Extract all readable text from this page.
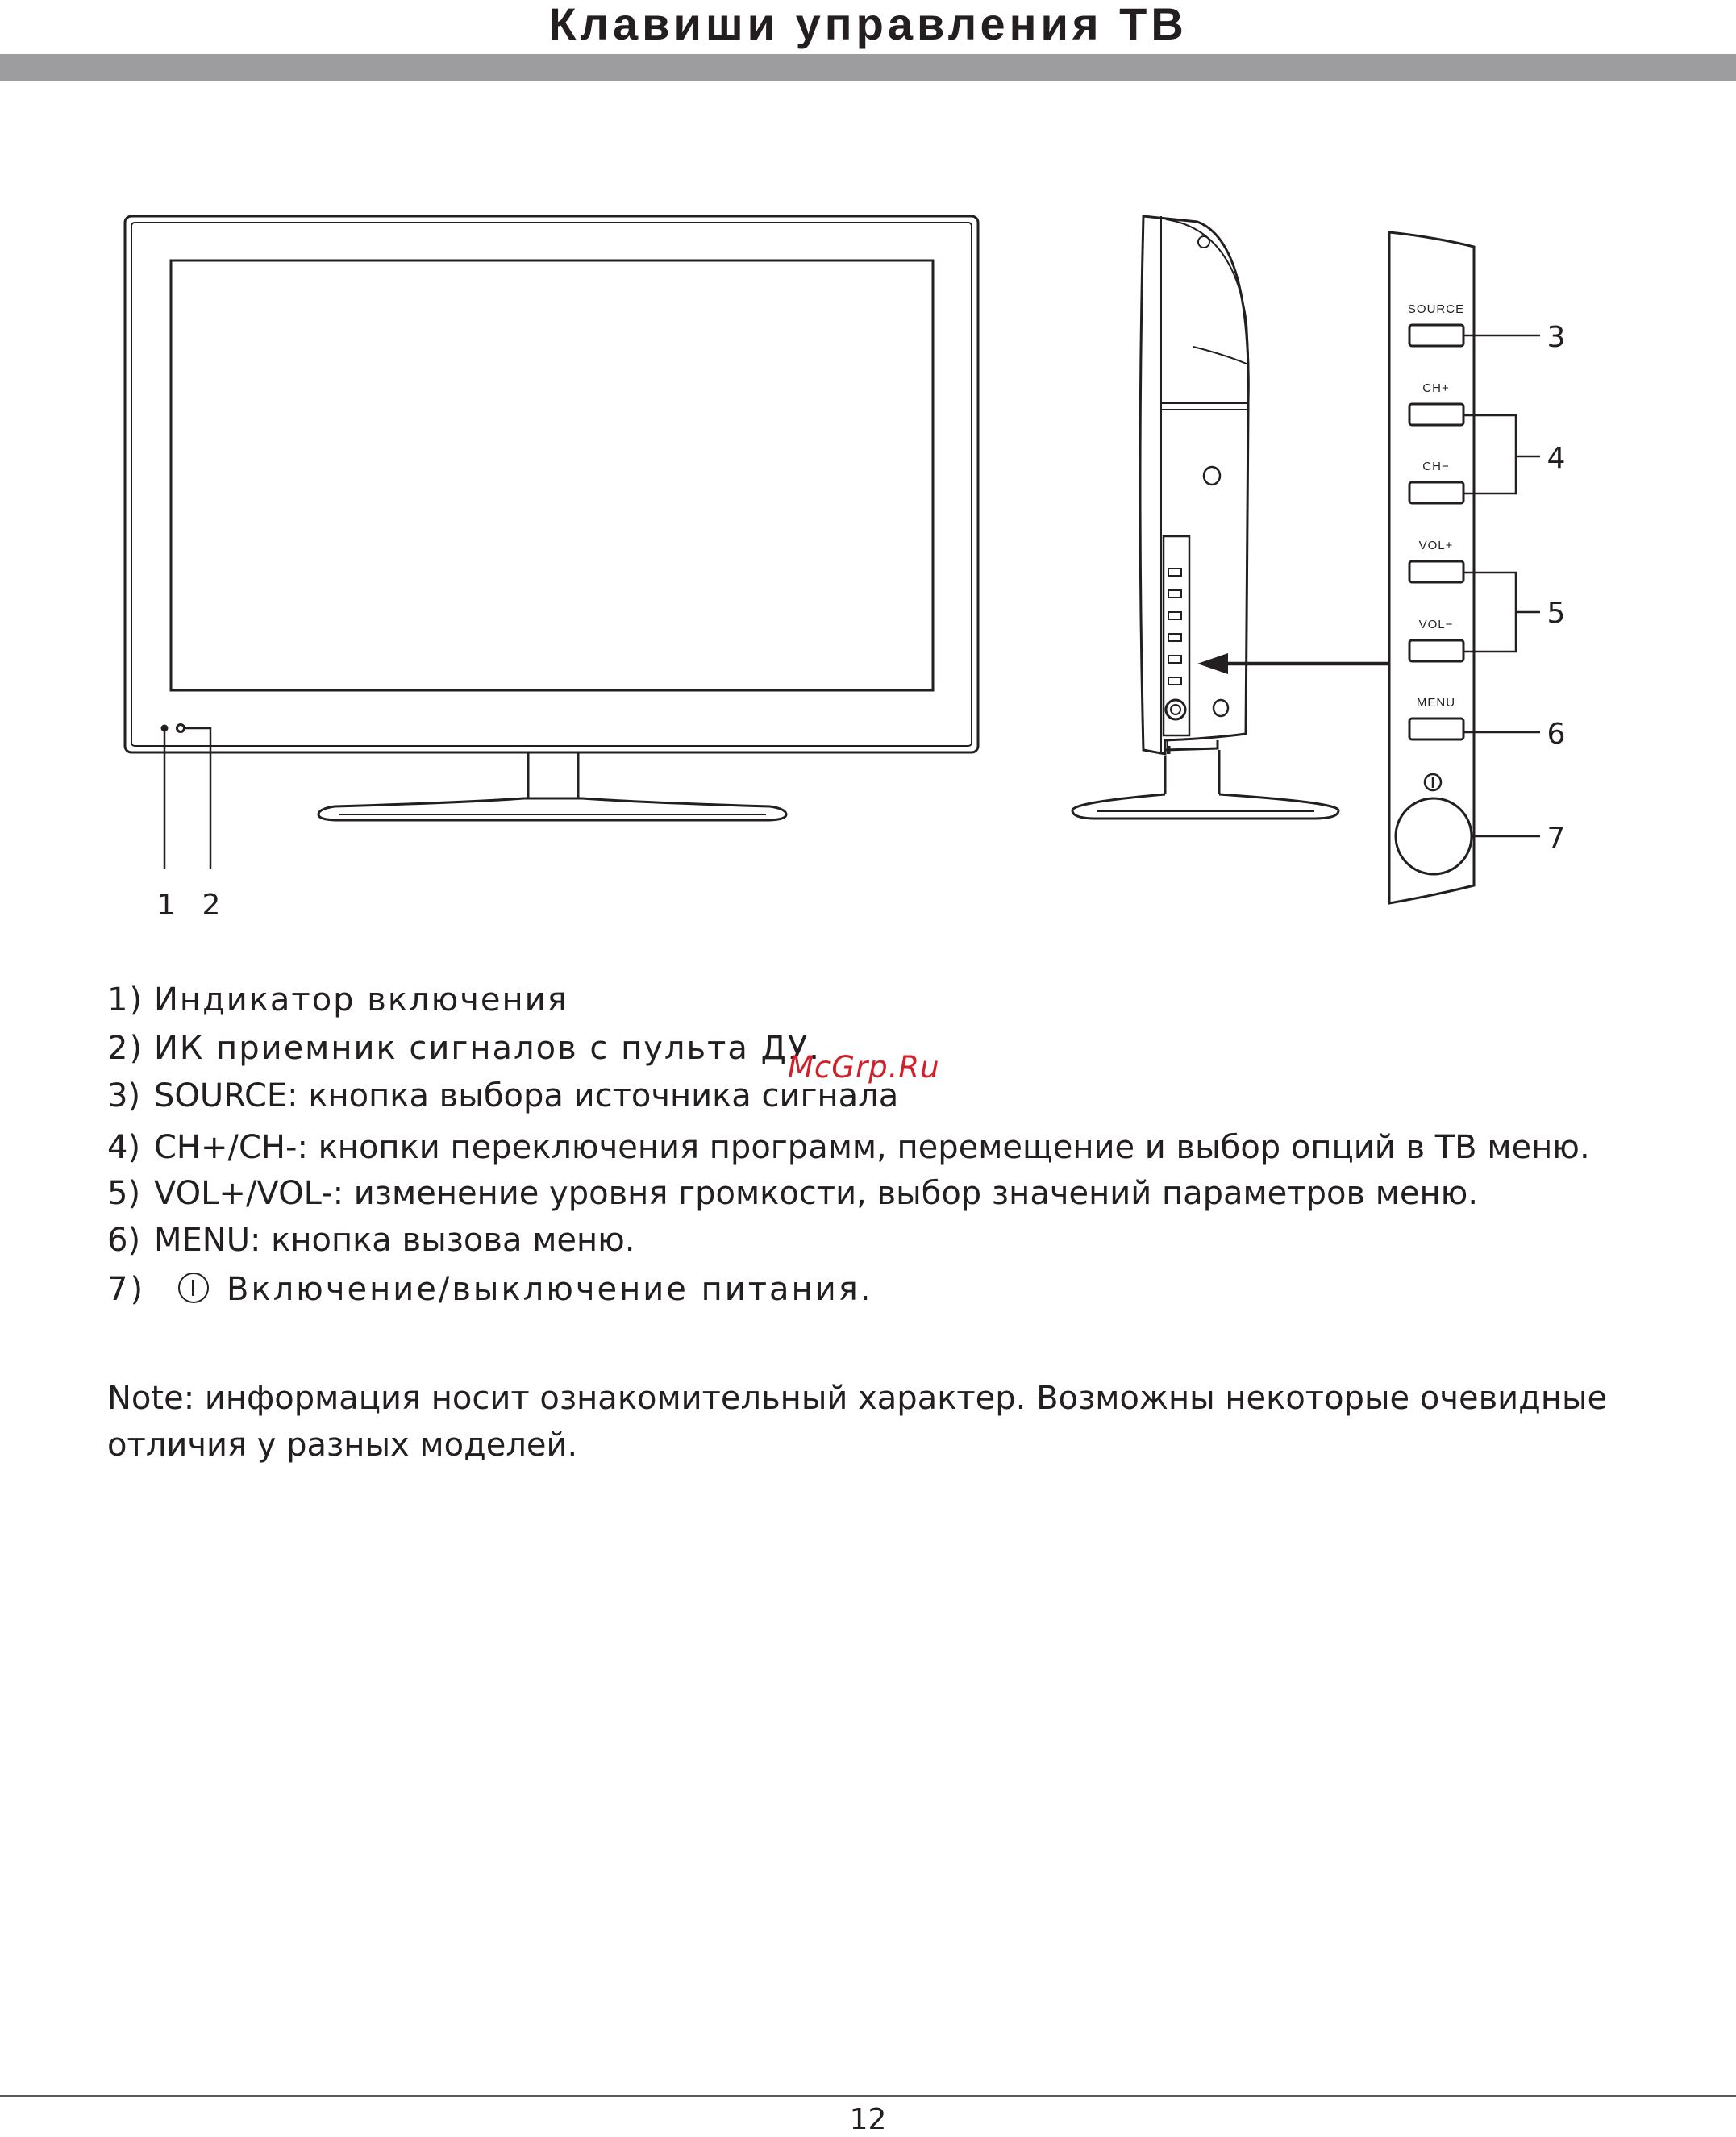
Клавиши управления ТВ
SOURCE
CH+
CH−
VOL+
VOL−
MENU
1 2
3
4
5
6
7
1) Индикатор включения
2) ИК приемник сигналов с пульта ДУ.
3) SOURCE: кнопка выбора источника сигнала
4) CH+/CH-: кнопки переключения программ, перемещение и выбор опций в ТВ меню.
5) VOL+/VOL-: изменение уровня громкости, выбор значений параметров меню.
6) MENU: кнопка вызова меню.
7)	Включение/выключение питания.
McGrp.Ru
Note: информация носит ознакомительный характер. Возможны некоторые очевидные отличия у разных моделей.
12
